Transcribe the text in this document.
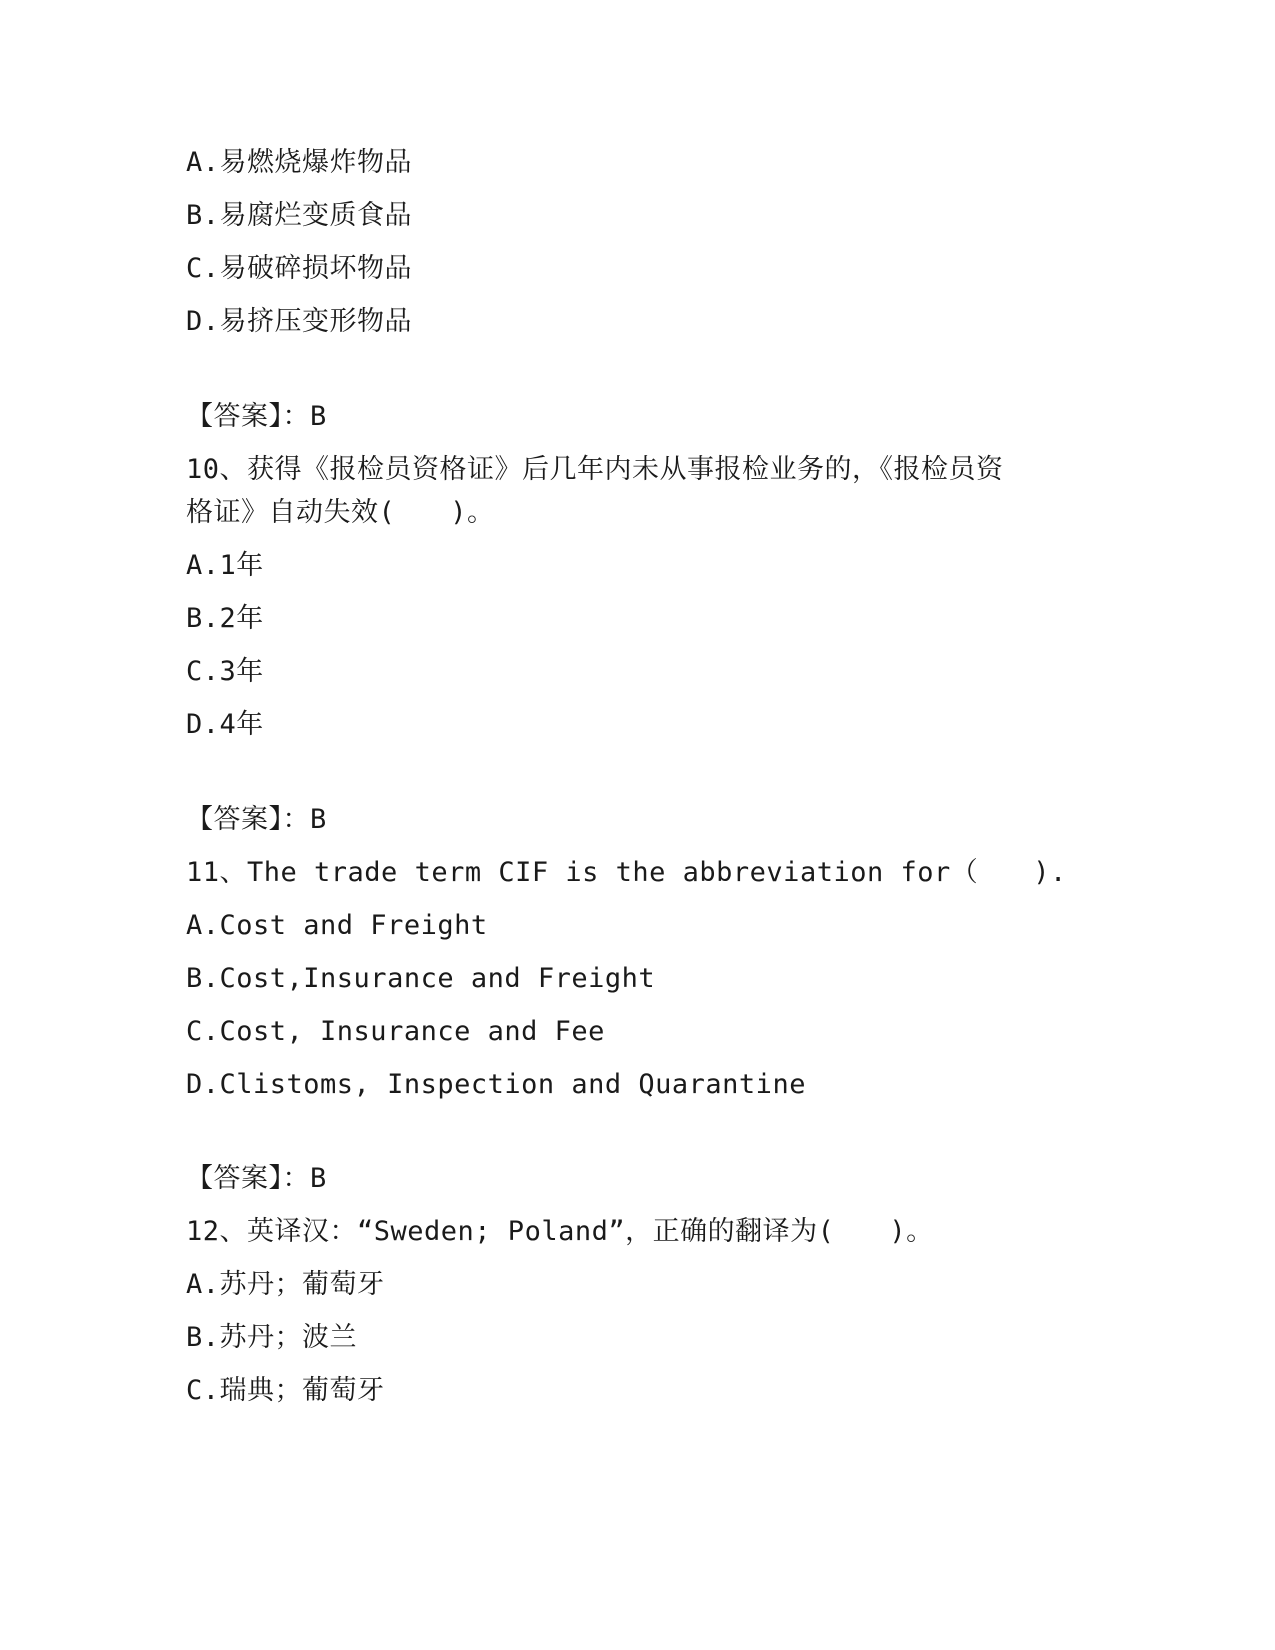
A.易燃烧爆炸物品
B.易腐烂变质食品
C.易破碎损坏物品
D.易挤压变形物品
【答案】：B
10、获得《报检员资格证》后几年内未从事报检业务的，《报检员资
格证》自动失效(　　)。
A.1年
B.2年
C.3年
D.4年
【答案】：B
11、The trade term CIF is the abbreviation for（　　).
A.Cost and Freight
B.Cost,Insurance and Freight
C.Cost, Insurance and Fee
D.Clistoms, Inspection and Quarantine
【答案】：B
12、英译汉：“Sweden; Poland”，正确的翻译为(　　)。
A.苏丹；葡萄牙
B.苏丹；波兰
C.瑞典；葡萄牙
